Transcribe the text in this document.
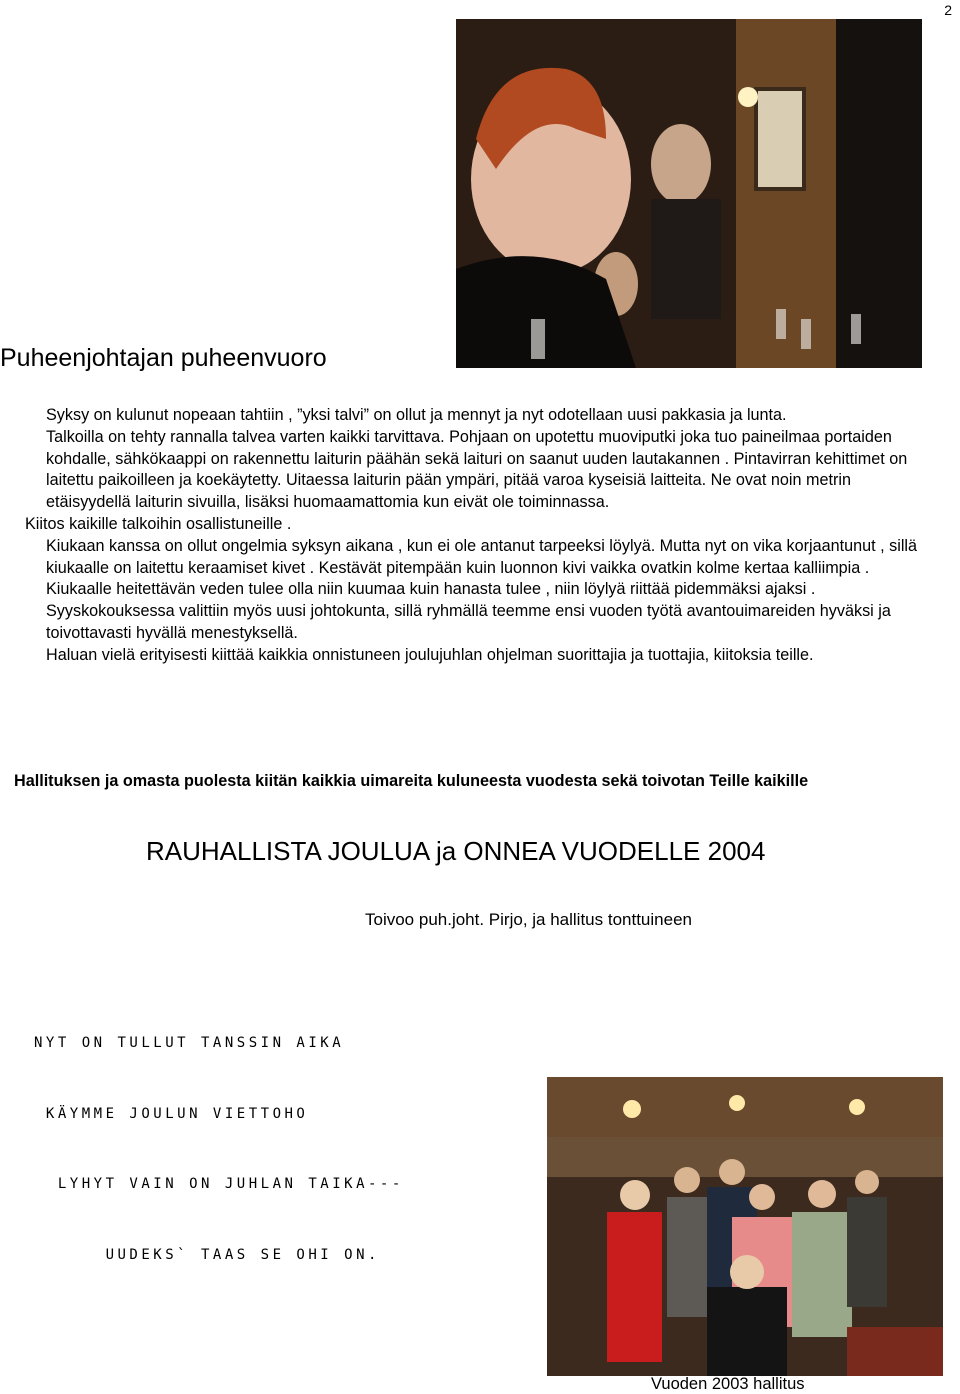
2
Puheenjohtajan puheenvuoro

Syksy on kulunut nopeaan tahtiin , ”yksi talvi” on ollut ja mennyt ja nyt odotellaan uusi pakkasia ja lunta.

Talkoilla on tehty rannalla talvea varten kaikki tarvittava. Pohjaan on upotettu muoviputki joka tuo paineilmaa portaiden kohdalle, sähkökaappi on rakennettu laiturin päähän sekä laituri on saanut uuden lautakannen . Pintavirran kehittimet on laitettu paikoilleen ja koekäytetty. Uitaessa laiturin pään ympäri, pitää varoa kyseisiä laitteita. Ne ovat noin metrin etäisyydellä laiturin sivuilla, lisäksi huomaamattomia kun eivät ole toiminnassa.

Kiitos kaikille talkoihin osallistuneille .

Kiukaan kanssa on ollut ongelmia syksyn aikana , kun ei ole antanut tarpeeksi löylyä. Mutta nyt on vika korjaantunut , sillä kiukaalle on laitettu keraamiset kivet . Kestävät pitempään kuin luonnon kivi vaikka ovatkin kolme kertaa kalliimpia .

Kiukaalle heitettävän veden tulee olla niin kuumaa kuin hanasta tulee , niin löylyä riittää pidemmäksi ajaksi .

Syyskokouksessa valittiin myös uusi johtokunta, sillä ryhmällä teemme ensi vuoden työtä avantouimareiden hyväksi ja toivottavasti hyvällä menestyksellä.

Haluan vielä erityisesti kiittää kaikkia onnistuneen joulujuhlan ohjelman suorittajia ja tuottajia, kiitoksia teille.

Hallituksen ja omasta puolesta kiitän kaikkia uimareita kuluneesta vuodesta sekä toivotan Teille kaikille
RAUHALLISTA JOULUA ja ONNEA VUODELLE 2004
Toivoo puh.joht. Pirjo, ja hallitus tonttuineen

NYT ON TULLUT TANSSIN AIKA

KÄYMME JOULUN VIETTOHO

LYHYT VAIN ON JUHLAN TAIKA---

UUDEKS` TAAS SE OHI ON.

Vuoden 2003 hallitus
